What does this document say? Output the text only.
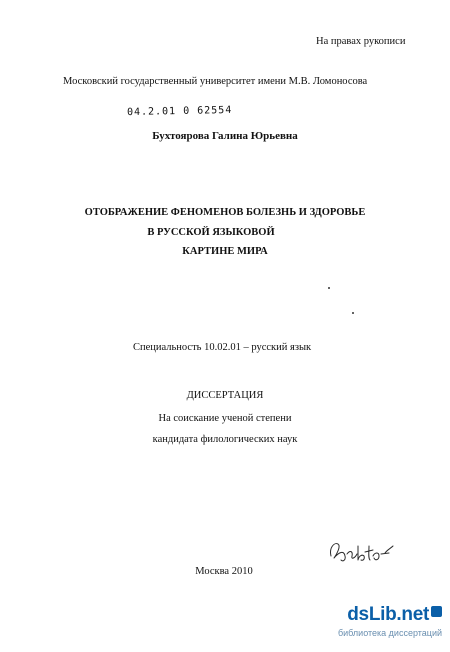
На правах рукописи
Московский государственный университет имени М.В. Ломоносова
04.2.01 0 62554
Бухтоярова Галина Юрьевна
ОТОБРАЖЕНИЕ ФЕНОМЕНОВ БОЛЕЗНЬ И ЗДОРОВЬЕ
В РУССКОЙ ЯЗЫКОВОЙ
КАРТИНЕ МИРА
Специальность 10.02.01 – русский язык
ДИССЕРТАЦИЯ
На соискание ученой степени
кандидата филологических наук
Москва 2010
dsLib.net
библиотека диссертаций
